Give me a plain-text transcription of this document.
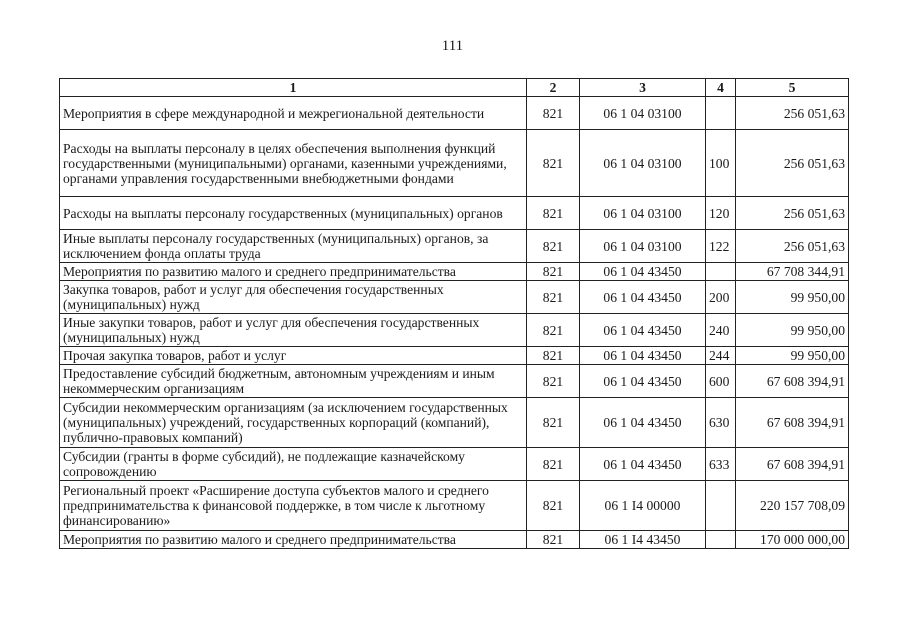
111
1	2	3	4	5
Мероприятия в сфере международной и межрегиональной деятельности	821	06 1 04 03100		256 051,63
Расходы на выплаты персоналу в целях обеспечения выполнения функций государственными (муниципальными) органами, казенными учреждениями, органами управления государственными внебюджетными фондами	821	06 1 04 03100	100	256 051,63
Расходы на выплаты персоналу государственных (муниципальных) органов	821	06 1 04 03100	120	256 051,63
Иные выплаты персоналу государственных (муниципальных) органов, за исключением фонда оплаты труда	821	06 1 04 03100	122	256 051,63
Мероприятия по развитию малого и среднего предпринимательства	821	06 1 04 43450		67 708 344,91
Закупка товаров, работ и услуг для обеспечения государственных (муниципальных) нужд	821	06 1 04 43450	200	99 950,00
Иные закупки товаров, работ и услуг для обеспечения государственных (муниципальных) нужд	821	06 1 04 43450	240	99 950,00
Прочая закупка товаров, работ и услуг	821	06 1 04 43450	244	99 950,00
Предоставление субсидий бюджетным, автономным учреждениям и иным некоммерческим организациям	821	06 1 04 43450	600	67 608 394,91
Субсидии некоммерческим организациям (за исключением государственных (муниципальных) учреждений, государственных корпораций (компаний), публично-правовых компаний)	821	06 1 04 43450	630	67 608 394,91
Субсидии (гранты в форме субсидий), не подлежащие казначейскому сопровождению	821	06 1 04 43450	633	67 608 394,91
Региональный проект «Расширение доступа субъектов малого и среднего предпринимательства к финансовой поддержке, в том числе к льготному финансированию»	821	06 1 I4 00000		220 157 708,09
Мероприятия по развитию малого и среднего предпринимательства	821	06 1 I4 43450		170 000 000,00
